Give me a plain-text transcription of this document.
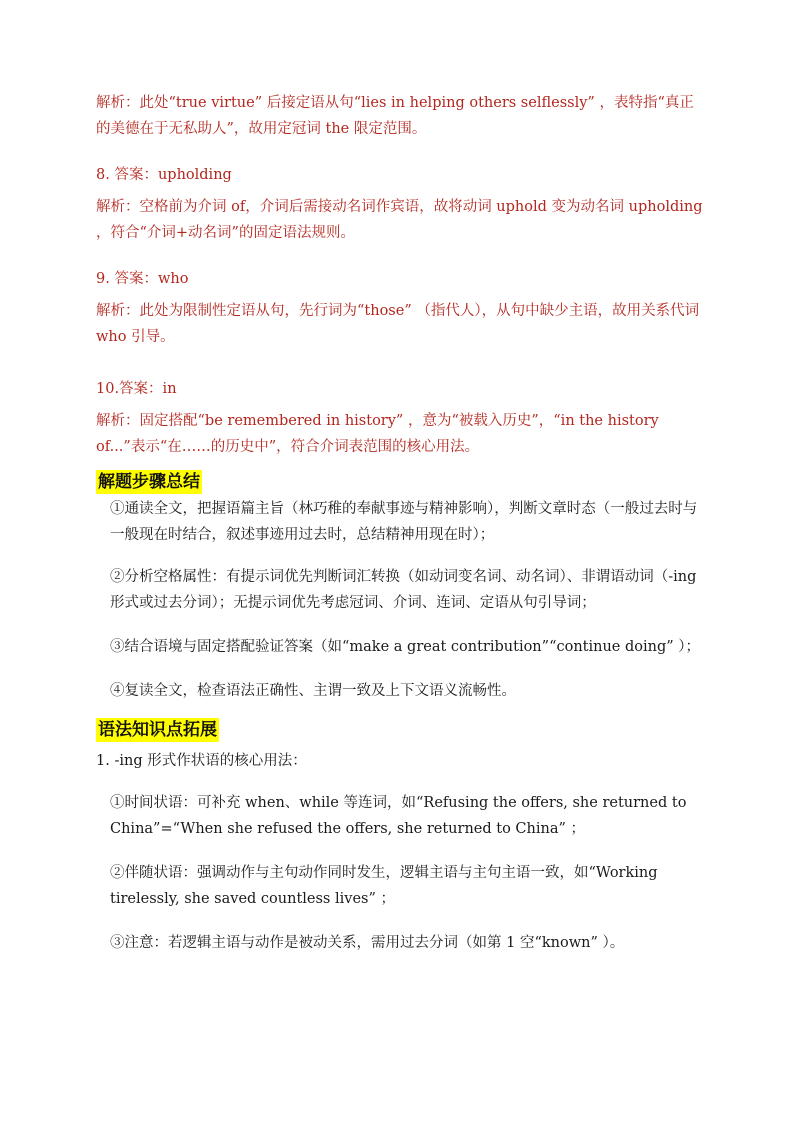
解析：此处“true virtue” 后接定语从句“lies in helping others selflessly” ，表特指“真正的美德在于无私助人”，故用定冠词 the 限定范围。

8. 答案：upholding

解析：空格前为介词 of，介词后需接动名词作宾语，故将动词 uphold 变为动名词 upholding ，符合“介词+动名词”的固定语法规则。

9. 答案：who

解析：此处为限制性定语从句，先行词为“those” （指代人），从句中缺少主语，故用关系代词 who 引导。

10.答案：in

解析：固定搭配“be remembered in history” ，意为“被载入历史”，“in the history of...”表示“在……的历史中”，符合介词表范围的核心用法。

解题步骤总结

①通读全文，把握语篇主旨（林巧稚的奉献事迹与精神影响），判断文章时态（一般过去时与一般现在时结合，叙述事迹用过去时，总结精神用现在时）；

②分析空格属性：有提示词优先判断词汇转换（如动词变名词、动名词）、非谓语动词（-ing 形式或过去分词）；无提示词优先考虑冠词、介词、连词、定语从句引导词；

③结合语境与固定搭配验证答案（如“make a great contribution”“continue doing” ）；

④复读全文，检查语法正确性、主谓一致及上下文语义流畅性。

语法知识点拓展

1. -ing 形式作状语的核心用法：

①时间状语：可补充 when、while 等连词，如“Refusing the offers, she returned to China”=“When she refused the offers, she returned to China” ；

②伴随状语：强调动作与主句动作同时发生，逻辑主语与主句主语一致，如“Working tirelessly, she saved countless lives” ；

③注意：若逻辑主语与动作是被动关系，需用过去分词（如第 1 空“known” ）。
